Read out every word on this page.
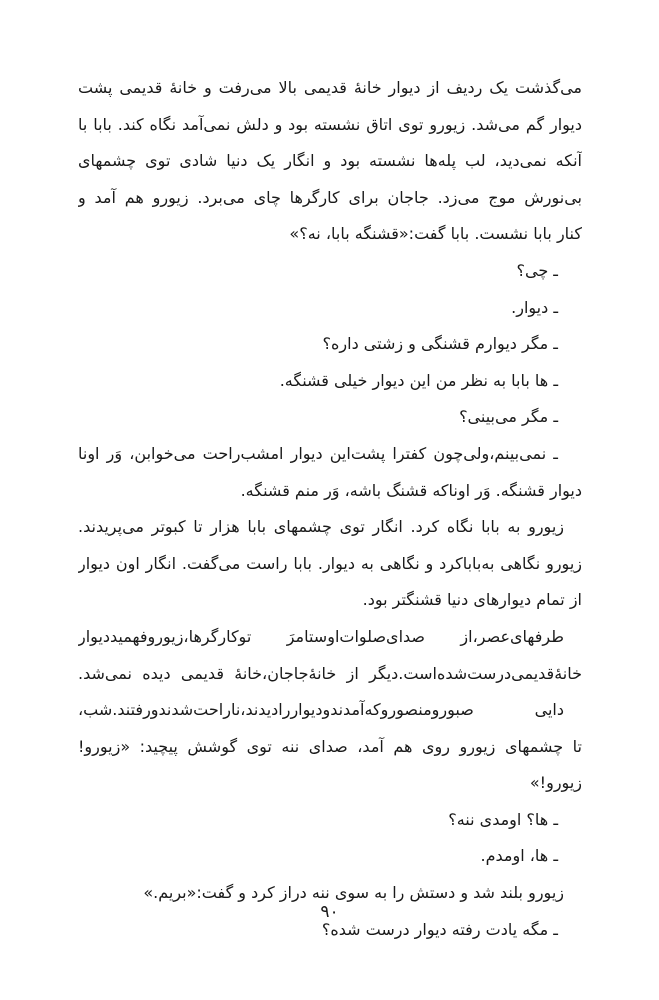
می‌گذشت یک ردیف از دیوار خانهٔ قدیمی بالا می‌رفت و خانهٔ قدیمی پشت
دیوار گم می‌شد. زیورو توی اتاق نشسته بود و دلش نمی‌آمد نگاه کند. بابا با
آنکه نمی‌دید، لب پله‌ها نشسته بود و انگار یک دنیا شادی توی چشمهای
بی‌نورش موج می‌زد. جاجان برای کارگرها چای می‌برد. زیورو هم آمد و
کنار بابا نشست. بابا گفت:«قشنگه بابا، نه؟»
ـ چی؟
ـ دیوار.
ـ مگر دیوارم قشنگی و زشتی داره؟
ـ ها بابا به نظر من این دیوار خیلی قشنگه.
ـ مگر می‌بینی؟
ـ نمی‌بینم،ولی‌چون کفترا پشت‌این دیوار امشب‌راحت می‌خوابن، وَر اونا
دیوار قشنگه. وَر اوناکه قشنگ باشه، وَر منم قشنگه.
زیورو به بابا نگاه کرد. انگار توی چشمهای بابا هزار تا کبوتر می‌پریدند.
زیورو نگاهی به‌باباکرد و نگاهی به دیوار. بابا راست می‌گفت. انگار اون دیوار
از تمام دیوارهای دنیا قشنگتر بود.
طرفهای‌عصر،از صدای‌صلوات‌او‌ستامرَ تو‌کارگرها،زیورو‌فهمید‌دیوار
خانهٔ‌قدیمی‌درست‌شده‌است.دیگر از خانهٔ‌جاجان،خانهٔ قدیمی دیده نمی‌شد.
دایی صبور‌و‌منصور‌و‌که‌آمدند‌و‌دیوار‌را‌دیدند،ناراحت‌شدند‌و‌رفتند.شب،
تا چشمهای زیورو روی هم آمد، صدای ننه توی گوشش پیچید: «زیورو!
زیورو!»
ـ ها؟ اومدی ننه؟
ـ ها، اومدم.
زیورو بلند شد و دستش را به سوی ننه دراز کرد و گفت:«بریم.»
ـ مگه یادت رفته دیوار درست شده؟
۹۰
